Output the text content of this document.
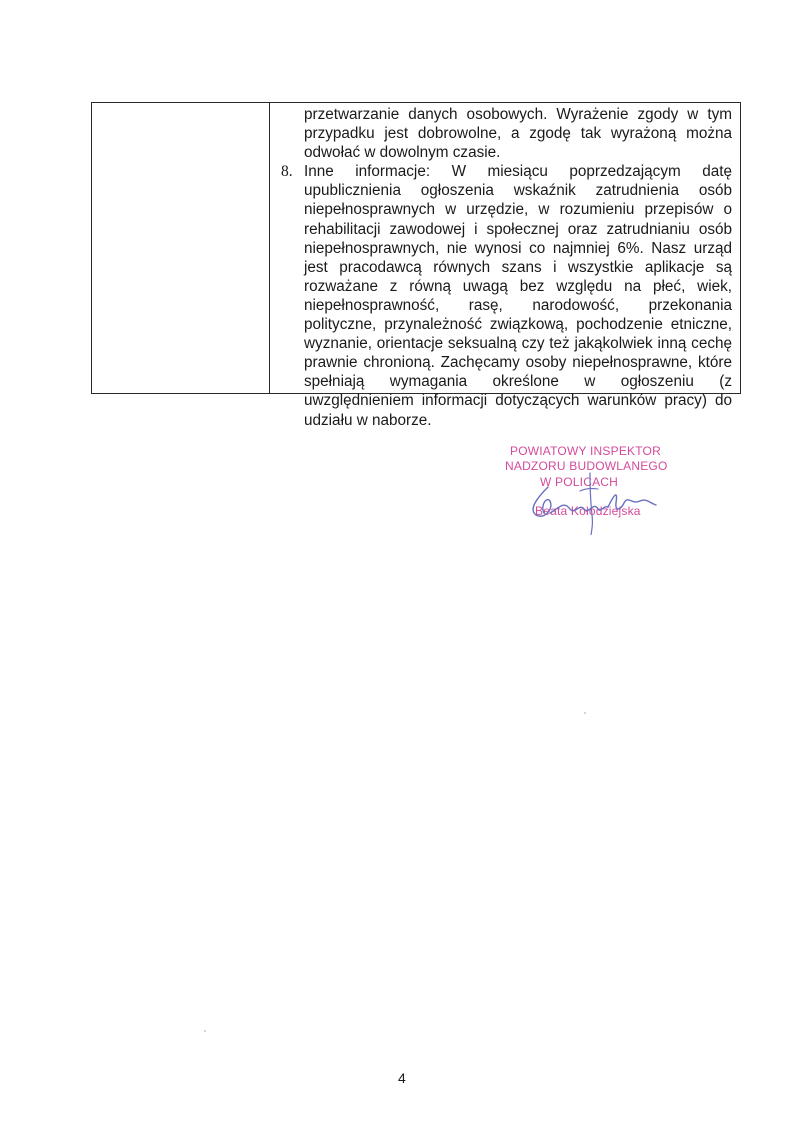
przetwarzanie danych osobowych. Wyrażenie zgody w tym przypadku jest dobrowolne, a zgodę tak wyrażoną można odwołać w dowolnym czasie.

8. Inne informacje: W miesiącu poprzedzającym datę upublicznienia ogłoszenia wskaźnik zatrudnienia osób niepełnosprawnych w urzędzie, w rozumieniu przepisów o rehabilitacji zawodowej i społecznej oraz zatrudnianiu osób niepełnosprawnych, nie wynosi co najmniej 6%. Nasz urząd jest pracodawcą równych szans i wszystkie aplikacje są rozważane z równą uwagą bez względu na płeć, wiek, niepełnosprawność, rasę, narodowość, przekonania polityczne, przynależność związkową, pochodzenie etniczne, wyznanie, orientacje seksualną czy też jakąkolwiek inną cechę prawnie chronioną. Zachęcamy osoby niepełnosprawne, które spełniają wymagania określone w ogłoszeniu (z uwzględnieniem informacji dotyczących warunków pracy) do udziału w naborze.
POWIATOWY INSPEKTOR
NADZORU BUDOWLANEGO
W POLICACH
Beata Kołodziejska
4
